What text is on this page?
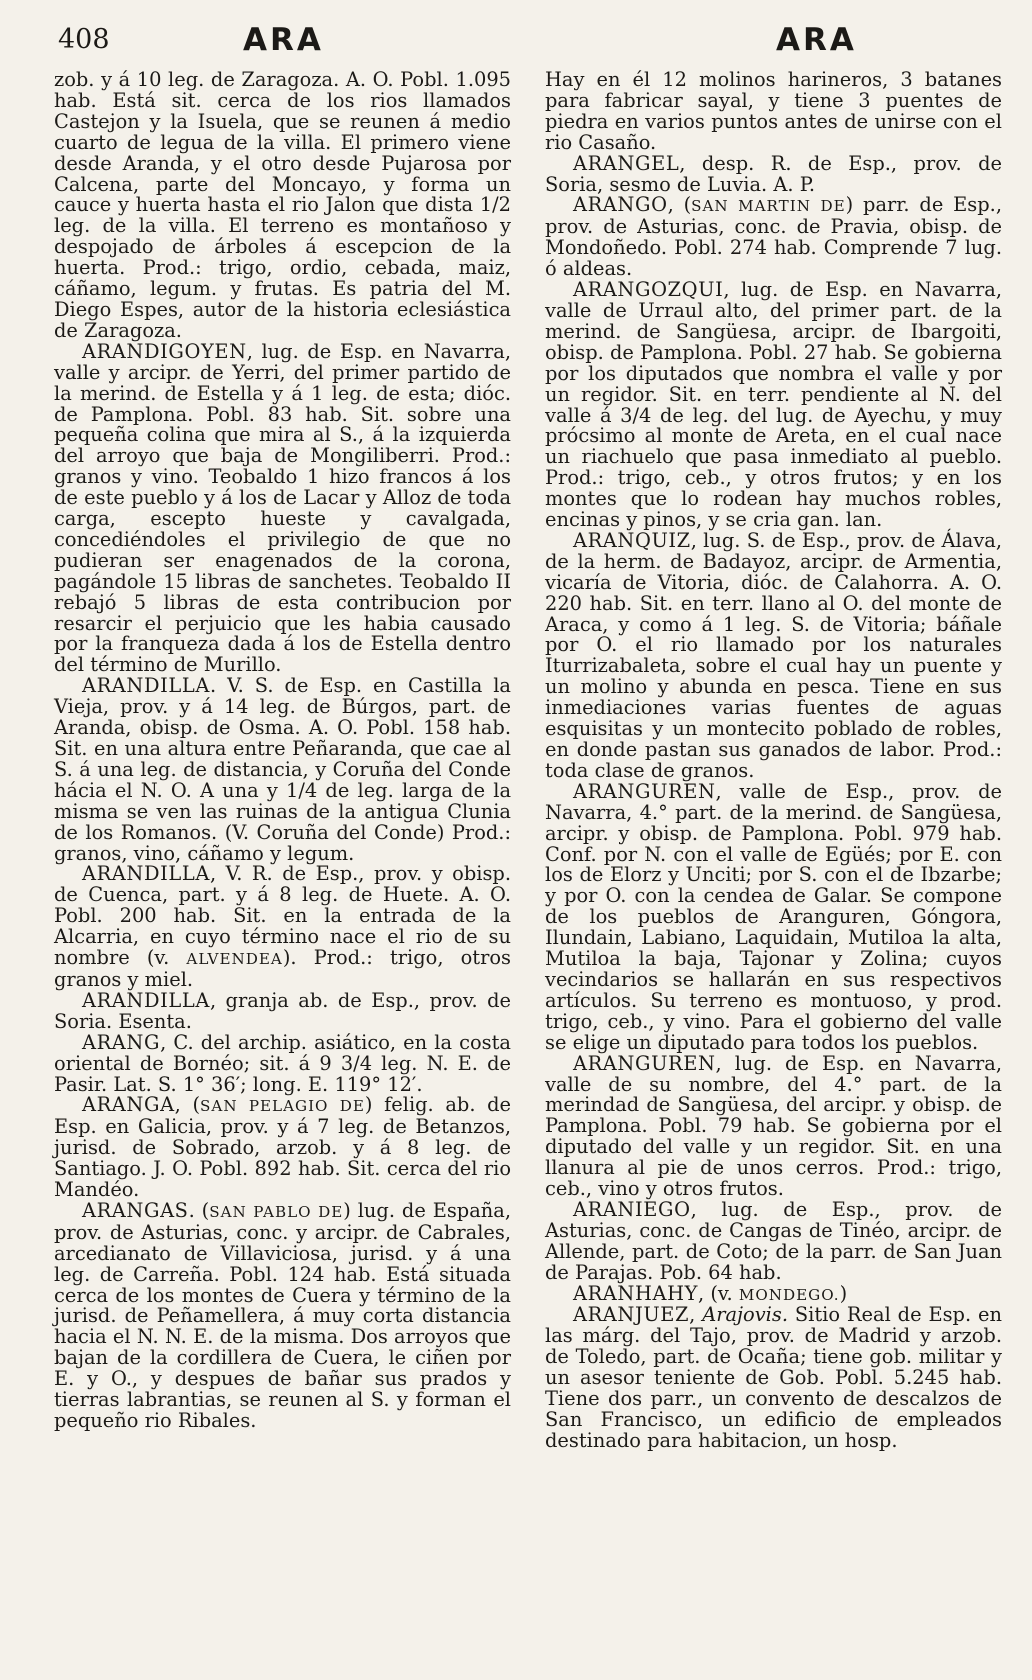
408	ARA	ARA

zob. y á 10 leg. de Zaragoza. A. O. Pobl. 1.095 hab. Está sit. cerca de los rios llamados Castejon y la Isuela, que se reunen á medio cuarto de legua de la villa. El primero viene desde Aranda, y el otro desde Pujarosa por Calcena, parte del Moncayo, y forma un cauce y huerta hasta el rio Jalon que dista 1/2 leg. de la villa. El terreno es montañoso y despojado de árboles á escepcion de la huerta. Prod.: trigo, ordio, cebada, maiz, cáñamo, legum. y frutas. Es patria del M. Diego Espes, autor de la historia eclesiástica de Zaragoza.

ARANDIGOYEN, lug. de Esp. en Navarra, valle y arcipr. de Yerri, del primer partido de la merind. de Estella y á 1 leg. de esta; dióc. de Pamplona. Pobl. 83 hab. Sit. sobre una pequeña colina que mira al S., á la izquierda del arroyo que baja de Mongiliberri. Prod.: granos y vino. Teobaldo 1 hizo francos á los de este pueblo y á los de Lacar y Alloz de toda carga, escepto hueste y cavalgada, concediéndoles el privilegio de que no pudieran ser enagenados de la corona, pagándole 15 libras de sanchetes. Teobaldo II rebajó 5 libras de esta contribucion por resarcir el perjuicio que les habia causado por la franqueza dada á los de Estella dentro del término de Murillo.

ARANDILLA. V. S. de Esp. en Castilla la Vieja, prov. y á 14 leg. de Búrgos, part. de Aranda, obisp. de Osma. A. O. Pobl. 158 hab. Sit. en una altura entre Peñaranda, que cae al S. á una leg. de distancia, y Coruña del Conde hácia el N. O. A una y 1/4 de leg. larga de la misma se ven las ruinas de la antigua Clunia de los Romanos. (V. Coruña del Conde) Prod.: granos, vino, cáñamo y legum.

ARANDILLA, V. R. de Esp., prov. y obisp. de Cuenca, part. y á 8 leg. de Huete. A. O. Pobl. 200 hab. Sit. en la entrada de la Alcarria, en cuyo término nace el rio de su nombre (v. ALVENDEA). Prod.: trigo, otros granos y miel.

ARANDILLA, granja ab. de Esp., prov. de Soria. Esenta.

ARANG, C. del archip. asiático, en la costa oriental de Bornéo; sit. á 9 3/4 leg. N. E. de Pasir. Lat. S. 1° 36′; long. E. 119° 12′.

ARANGA, (SAN PELAGIO DE) felig. ab. de Esp. en Galicia, prov. y á 7 leg. de Betanzos, jurisd. de Sobrado, arzob. y á 8 leg. de Santiago. J. O. Pobl. 892 hab. Sit. cerca del rio Mandéo.

ARANGAS. (SAN PABLO DE) lug. de España, prov. de Asturias, conc. y arcipr. de Cabrales, arcedianato de Villaviciosa, jurisd. y á una leg. de Carreña. Pobl. 124 hab. Está situada cerca de los montes de Cuera y término de la jurisd. de Peñamellera, á muy corta distancia hacia el N. N. E. de la misma. Dos arroyos que bajan de la cordillera de Cuera, le ciñen por E. y O., y despues de bañar sus prados y tierras labrantias, se reunen al S. y forman el pequeño rio Ribales.

Hay en él 12 molinos harineros, 3 batanes para fabricar sayal, y tiene 3 puentes de piedra en varios puntos antes de unirse con el rio Casaño.

ARANGEL, desp. R. de Esp., prov. de Soria, sesmo de Luvia. A. P.

ARANGO, (SAN MARTIN DE) parr. de Esp., prov. de Asturias, conc. de Pravia, obisp. de Mondoñedo. Pobl. 274 hab. Comprende 7 lug. ó aldeas.

ARANGOZQUI, lug. de Esp. en Navarra, valle de Urraul alto, del primer part. de la merind. de Sangüesa, arcipr. de Ibargoiti, obisp. de Pamplona. Pobl. 27 hab. Se gobierna por los diputados que nombra el valle y por un regidor. Sit. en terr. pendiente al N. del valle á 3/4 de leg. del lug. de Ayechu, y muy prócsimo al monte de Areta, en el cual nace un riachuelo que pasa inmediato al pueblo. Prod.: trigo, ceb., y otros frutos; y en los montes que lo rodean hay muchos robles, encinas y pinos, y se cria gan. lan.

ARANQUIZ, lug. S. de Esp., prov. de Álava, de la herm. de Badayoz, arcipr. de Armentia, vicaría de Vitoria, dióc. de Calahorra. A. O. 220 hab. Sit. en terr. llano al O. del monte de Araca, y como á 1 leg. S. de Vitoria; báñale por O. el rio llamado por los naturales Iturrizabaleta, sobre el cual hay un puente y un molino y abunda en pesca. Tiene en sus inmediaciones varias fuentes de aguas esquisitas y un montecito poblado de robles, en donde pastan sus ganados de labor. Prod.: toda clase de granos.

ARANGUREN, valle de Esp., prov. de Navarra, 4.° part. de la merind. de Sangüesa, arcipr. y obisp. de Pamplona. Pobl. 979 hab. Conf. por N. con el valle de Egüés; por E. con los de Elorz y Unciti; por S. con el de Ibzarbe; y por O. con la cendea de Galar. Se compone de los pueblos de Aranguren, Góngora, Ilundain, Labiano, Laquidain, Mutiloa la alta, Mutiloa la baja, Tajonar y Zolina; cuyos vecindarios se hallarán en sus respectivos artículos. Su terreno es montuoso, y prod. trigo, ceb., y vino. Para el gobierno del valle se elige un diputado para todos los pueblos.

ARANGUREN, lug. de Esp. en Navarra, valle de su nombre, del 4.° part. de la merindad de Sangüesa, del arcipr. y obisp. de Pamplona. Pobl. 79 hab. Se gobierna por el diputado del valle y un regidor. Sit. en una llanura al pie de unos cerros. Prod.: trigo, ceb., vino y otros frutos.

ARANIEGO, lug. de Esp., prov. de Asturias, conc. de Cangas de Tinéo, arcipr. de Allende, part. de Coto; de la parr. de San Juan de Parajas. Pob. 64 hab.

ARANHAHY, (v. MONDEGO.)

ARANJUEZ, Arajovis. Sitio Real de Esp. en las márg. del Tajo, prov. de Madrid y arzob. de Toledo, part. de Ocaña; tiene gob. militar y un asesor teniente de Gob. Pobl. 5.245 hab. Tiene dos parr., un convento de descalzos de San Francisco, un edificio de empleados destinado para habitacion, un hosp.
